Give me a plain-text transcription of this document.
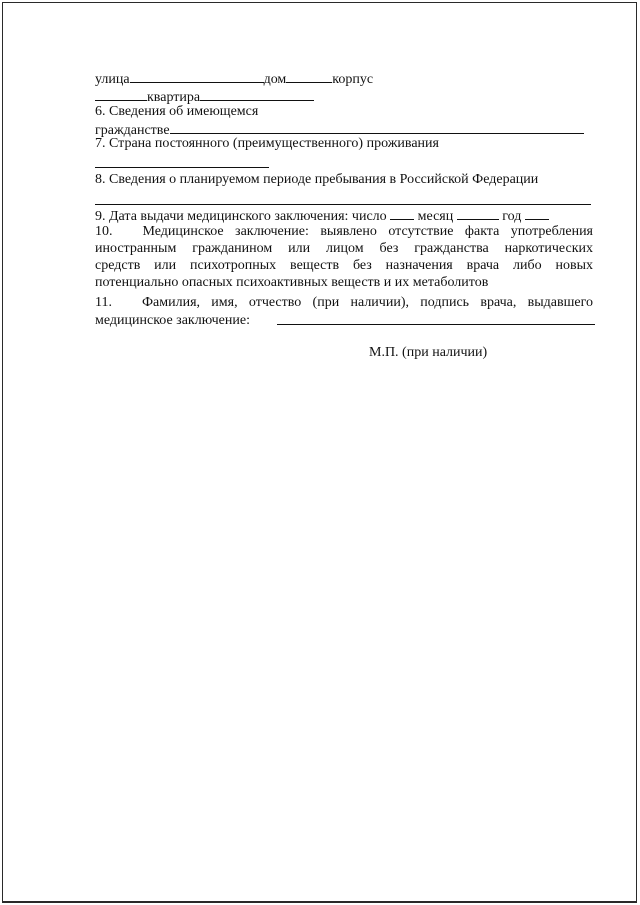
улица	дом	корпус
квартира
6. Сведения об имеющемся
гражданстве
7. Страна постоянного (преимущественного) проживания
8. Сведения о планируемом периоде пребывания в Российской Федерации
9. Дата выдачи медицинского заключения: число месяц	год
10. Медицинское заключение: выявлено отсутствие факта употребления
иностранным гражданином или лицом без гражданства наркотических
средств или психотропных веществ без назначения врача либо новых
потенциально опасных психоактивных веществ и их метаболитов
11. Фамилия, имя, отчество (при наличии), подпись врача, выдавшего
медицинское заключение:
М.П. (при наличии)
